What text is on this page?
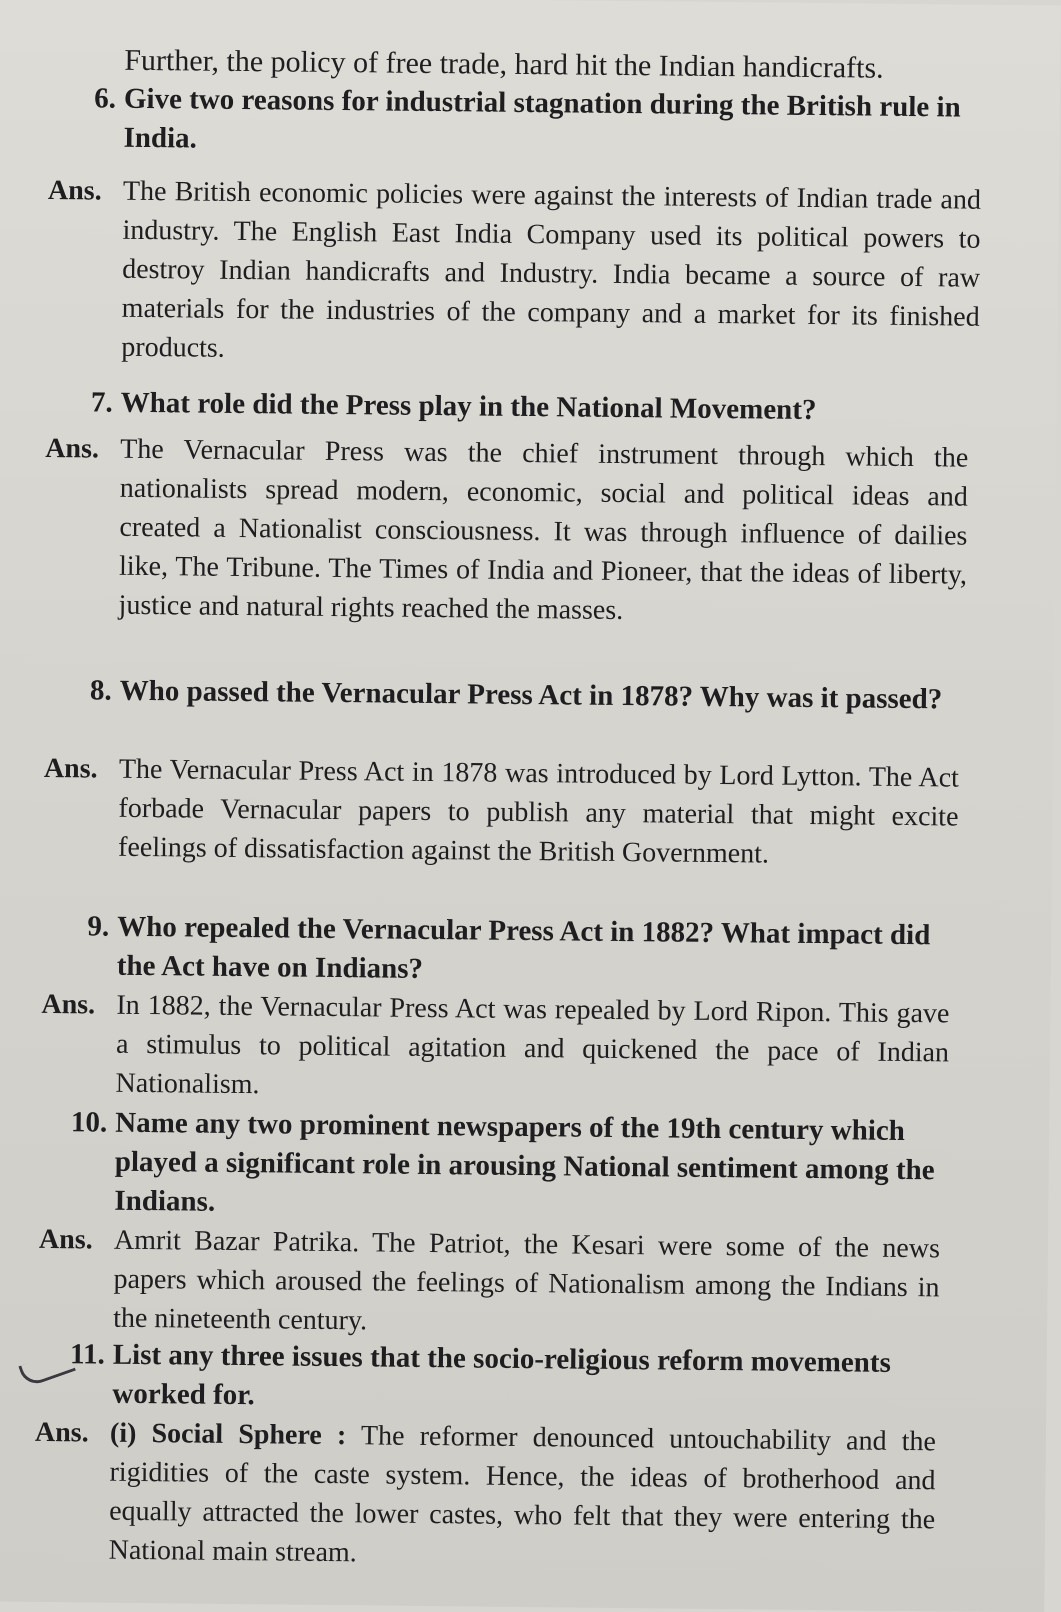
Further, the policy of free trade, hard hit the Indian handicrafts.
6. Give two reasons for industrial stagnation during the British rule in India.
Ans. The British economic policies were against the interests of Indian trade and industry. The English East India Company used its political powers to destroy Indian handicrafts and Industry. India became a source of raw materials for the industries of the company and a market for its finished products.
7. What role did the Press play in the National Movement?
Ans. The Vernacular Press was the chief instrument through which the nationalists spread modern, economic, social and political ideas and created a Nationalist consciousness. It was through influence of dailies like, The Tribune. The Times of India and Pioneer, that the ideas of liberty, justice and natural rights reached the masses.
8. Who passed the Vernacular Press Act in 1878? Why was it passed?
Ans. The Vernacular Press Act in 1878 was introduced by Lord Lytton. The Act forbade Vernacular papers to publish any material that might excite feelings of dissatisfaction against the British Government.
9. Who repealed the Vernacular Press Act in 1882? What impact did the Act have on Indians?
Ans. In 1882, the Vernacular Press Act was repealed by Lord Ripon. This gave a stimulus to political agitation and quickened the pace of Indian Nationalism.
10. Name any two prominent newspapers of the 19th century which played a significant role in arousing National sentiment among the Indians.
Ans. Amrit Bazar Patrika. The Patriot, the Kesari were some of the news papers which aroused the feelings of Nationalism among the Indians in the nineteenth century.
11. List any three issues that the socio-religious reform movements worked for.
Ans. (i) Social Sphere : The reformer denounced untouchability and the rigidities of the caste system. Hence, the ideas of brotherhood and equally attracted the lower castes, who felt that they were entering the National main stream.
